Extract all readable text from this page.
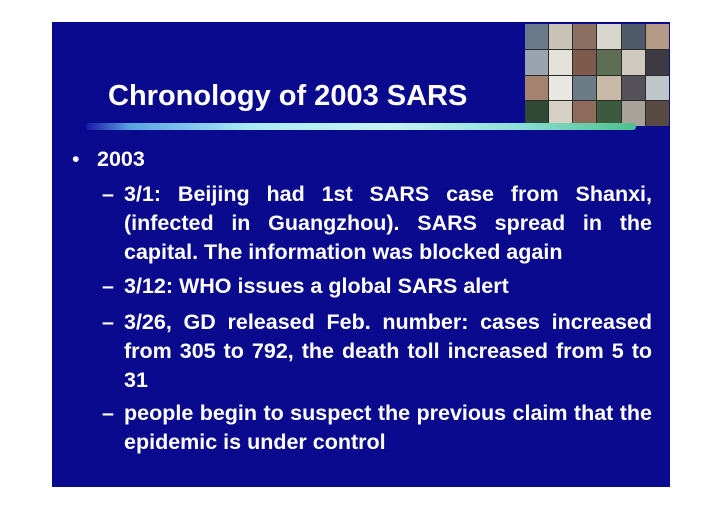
Chronology of 2003 SARS
• 2003
– 3/1: Beijing had 1st SARS case from Shanxi, (infected in Guangzhou). SARS spread in the capital. The information was blocked again
– 3/12: WHO issues a global SARS alert
– 3/26, GD released Feb. number: cases increased from 305 to 792, the death toll increased from 5 to 31
– people begin to suspect the previous claim that the epidemic is under control
